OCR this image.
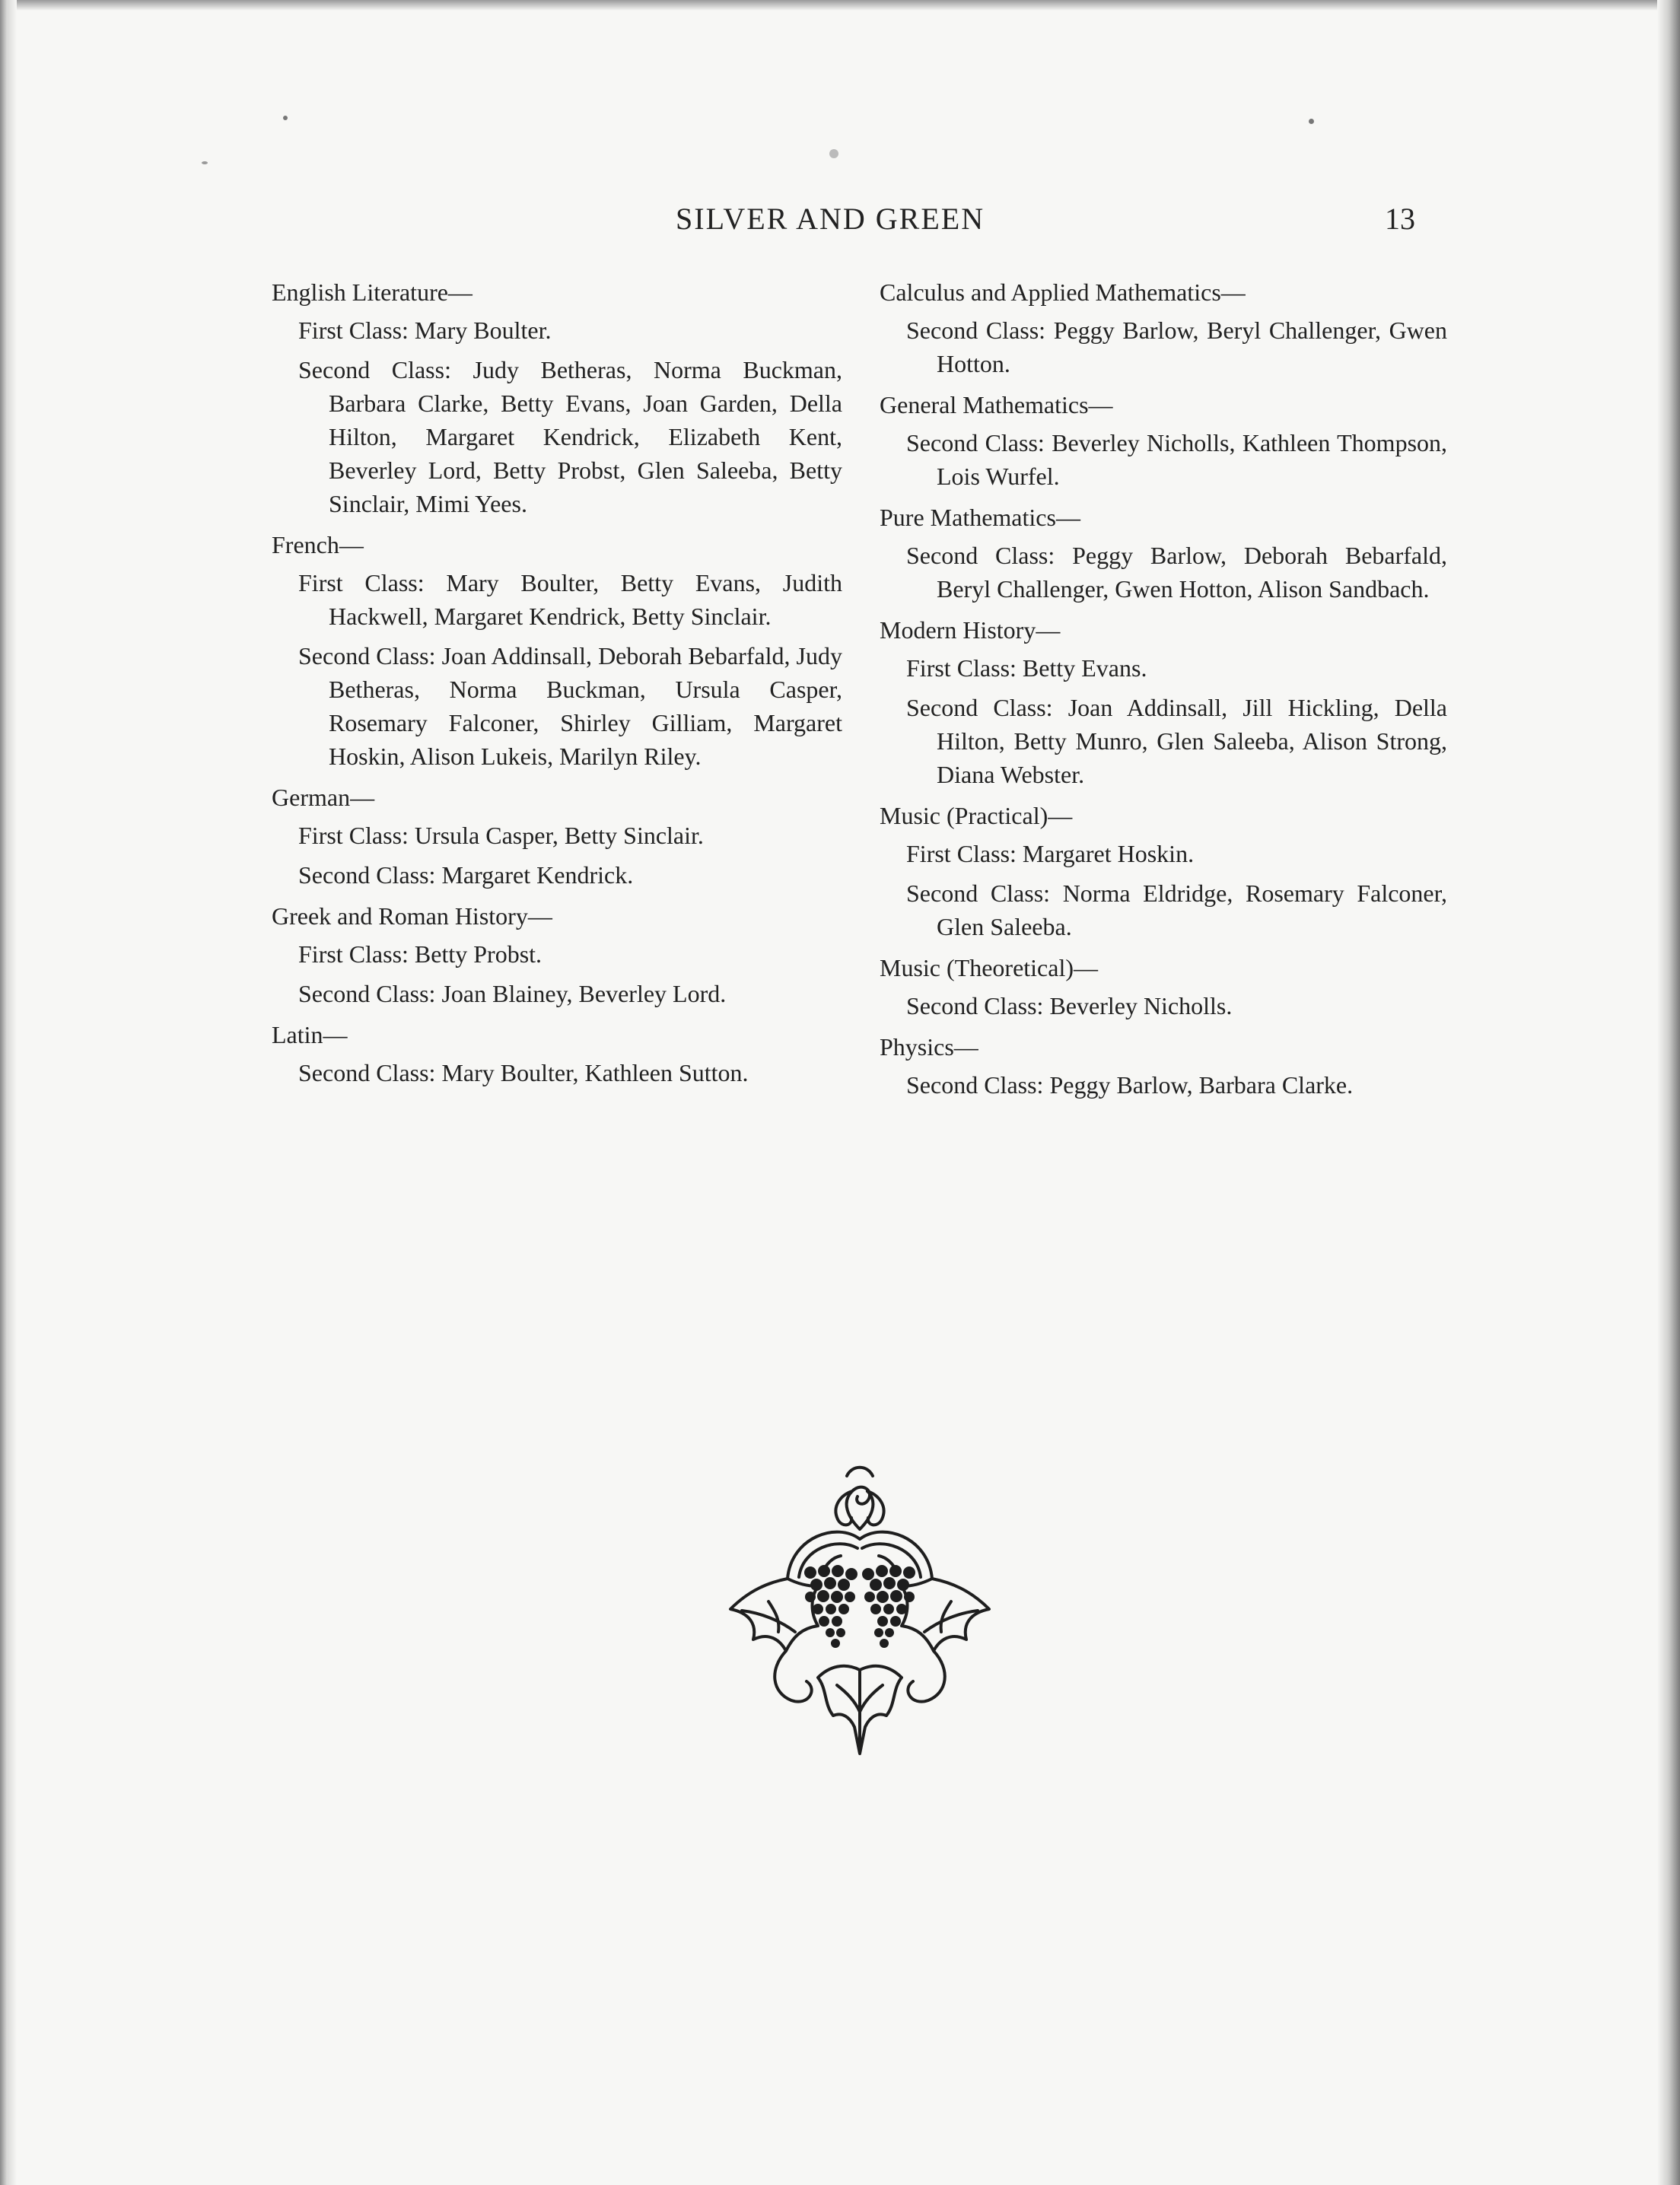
SILVER AND GREEN	13
English Literature—

First Class: Mary Boulter.

Second Class: Judy Betheras, Norma Buckman, Barbara Clarke, Betty Evans, Joan Garden, Della Hilton, Margaret Kendrick, Elizabeth Kent, Beverley Lord, Betty Probst, Glen Saleeba, Betty Sinclair, Mimi Yees.

French—

First Class: Mary Boulter, Betty Evans, Judith Hackwell, Margaret Kendrick, Betty Sinclair.

Second Class: Joan Addinsall, Deborah Bebarfald, Judy Betheras, Norma Buckman, Ursula Casper, Rosemary Falconer, Shirley Gilliam, Margaret Hoskin, Alison Lukeis, Marilyn Riley.

German—

First Class: Ursula Casper, Betty Sinclair.

Second Class: Margaret Kendrick.

Greek and Roman History—

First Class: Betty Probst.

Second Class: Joan Blainey, Beverley Lord.

Latin—

Second Class: Mary Boulter, Kathleen Sutton.

Calculus and Applied Mathematics—

Second Class: Peggy Barlow, Beryl Challenger, Gwen Hotton.

General Mathematics—

Second Class: Beverley Nicholls, Kathleen Thompson, Lois Wurfel.

Pure Mathematics—

Second Class: Peggy Barlow, Deborah Bebarfald, Beryl Challenger, Gwen Hotton, Alison Sandbach.

Modern History—

First Class: Betty Evans.

Second Class: Joan Addinsall, Jill Hickling, Della Hilton, Betty Munro, Glen Saleeba, Alison Strong, Diana Webster.

Music (Practical)—

First Class: Margaret Hoskin.

Second Class: Norma Eldridge, Rosemary Falconer, Glen Saleeba.

Music (Theoretical)—

Second Class: Beverley Nicholls.

Physics—

Second Class: Peggy Barlow, Barbara Clarke.
